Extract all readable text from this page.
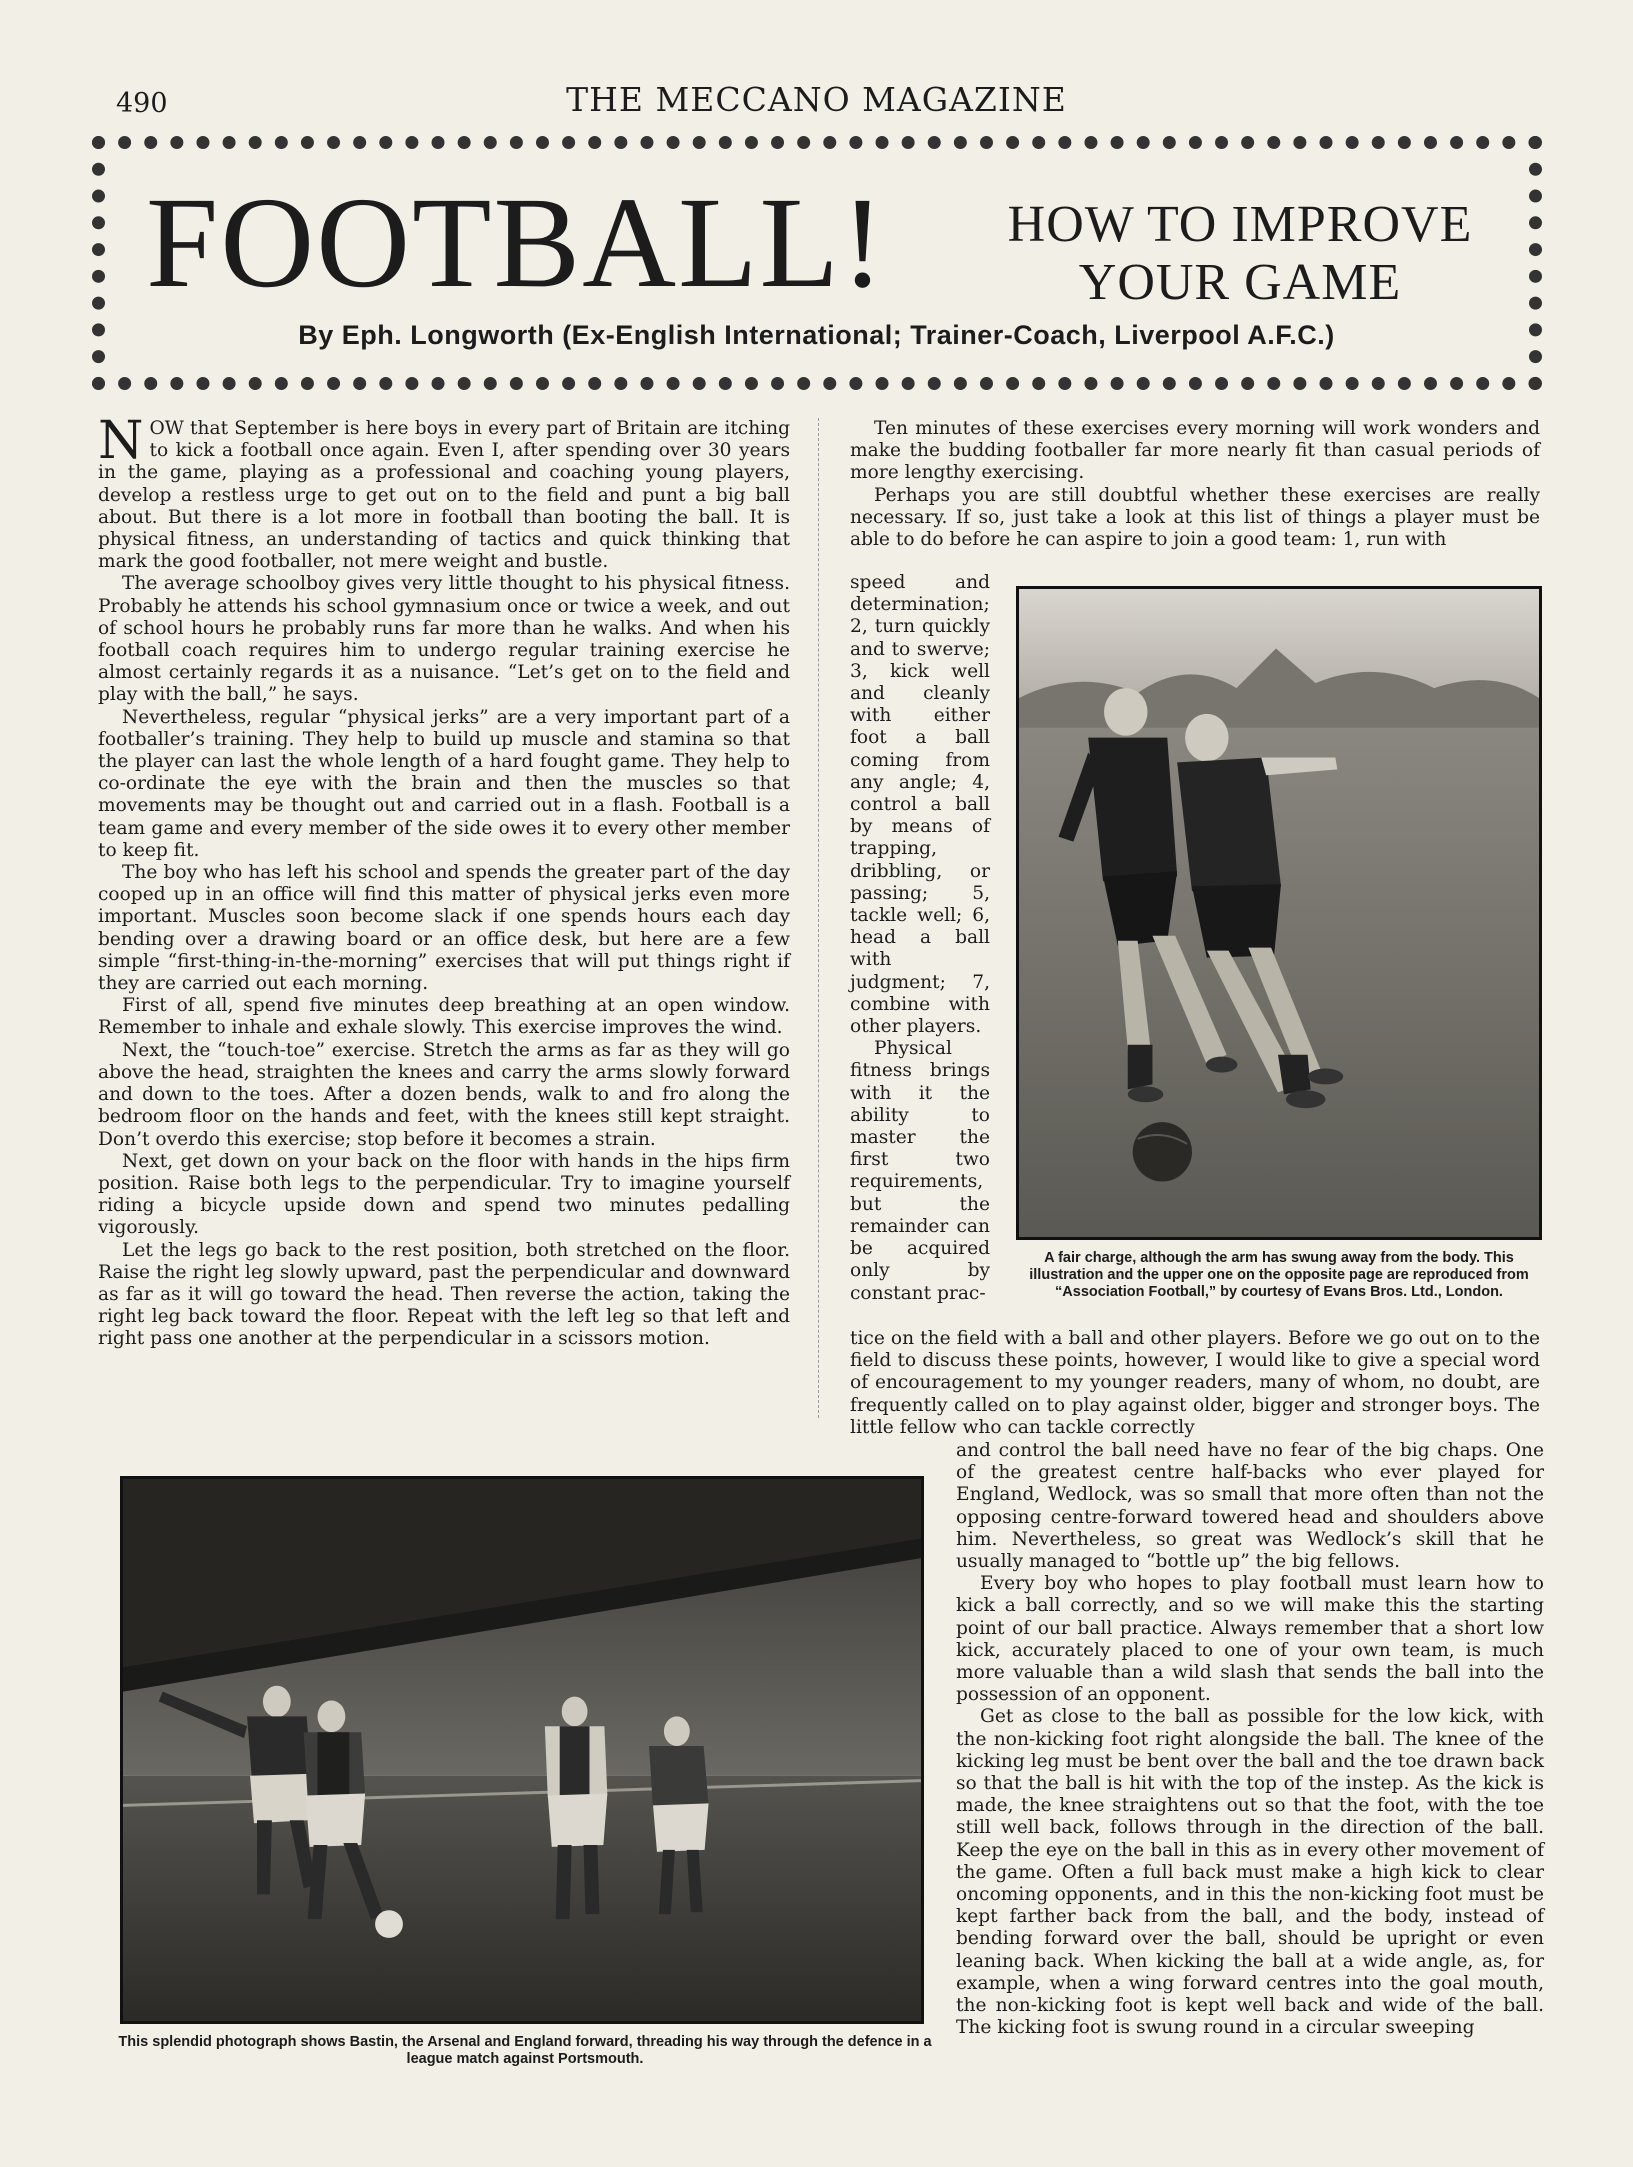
490	THE MECCANO MAGAZINE
FOOTBALL!	HOW TO IMPROVE
YOUR GAME
By Eph. Longworth (Ex-English International; Trainer-Coach, Liverpool A.F.C.)

NOW that September is here boys in every part of Britain are itching to kick a football once again. Even I, after spending over 30 years in the game, playing as a professional and coaching young players, develop a restless urge to get out on to the field and punt a big ball about. But there is a lot more in football than booting the ball. It is physical fitness, an understanding of tactics and quick thinking that mark the good footballer, not mere weight and bustle.

The average schoolboy gives very little thought to his physical fitness. Probably he attends his school gymnasium once or twice a week, and out of school hours he probably runs far more than he walks. And when his football coach requires him to undergo regular training exercise he almost certainly regards it as a nuisance. “Let’s get on to the field and play with the ball,” he says.

Nevertheless, regular “physical jerks” are a very important part of a footballer’s training. They help to build up muscle and stamina so that the player can last the whole length of a hard fought game. They help to co-ordinate the eye with the brain and then the muscles so that movements may be thought out and carried out in a flash. Football is a team game and every member of the side owes it to every other member to keep fit.

The boy who has left his school and spends the greater part of the day cooped up in an office will find this matter of physical jerks even more important. Muscles soon become slack if one spends hours each day bending over a drawing board or an office desk, but here are a few simple “first-thing-in-the-morning” exercises that will put things right if they are carried out each morning.

First of all, spend five minutes deep breathing at an open window. Remember to inhale and exhale slowly. This exercise improves the wind.

Next, the “touch-toe” exercise. Stretch the arms as far as they will go above the head, straighten the knees and carry the arms slowly forward and down to the toes. After a dozen bends, walk to and fro along the bedroom floor on the hands and feet, with the knees still kept straight. Don’t overdo this exercise; stop before it becomes a strain.

Next, get down on your back on the floor with hands in the hips firm position. Raise both legs to the perpendicular. Try to imagine yourself riding a bicycle upside down and spend two minutes pedalling vigorously.

Let the legs go back to the rest position, both stretched on the floor. Raise the right leg slowly upward, past the perpendicular and downward as far as it will go toward the head. Then reverse the action, taking the right leg back toward the floor. Repeat with the left leg so that left and right pass one another at the perpendicular in a scissors motion.

Ten minutes of these exercises every morning will work wonders and make the budding footballer far more nearly fit than casual periods of more lengthy exercising.

Perhaps you are still doubtful whether these exercises are really necessary. If so, just take a look at this list of things a player must be able to do before he can aspire to join a good team: 1, run with

speed and determination; 2, turn quickly and to swerve; 3, kick well and cleanly with either foot a ball coming from any angle; 4, control a ball by means of trapping, dribbling, or passing; 5, tackle well; 6, head a ball with judgment; 7, combine with other players.

Physical fitness brings with it the ability to master the first two requirements, but the remainder can be acquired only by constant prac-

A fair charge, although the arm has swung away from the body. This illustration and the upper one on the opposite page are reproduced from “Association Football,” by courtesy of Evans Bros. Ltd., London.

tice on the field with a ball and other players. Before we go out on to the field to discuss these points, however, I would like to give a special word of encouragement to my younger readers, many of whom, no doubt, are frequently called on to play against older, bigger and stronger boys. The little fellow who can tackle correctly

This splendid photograph shows Bastin, the Arsenal and England forward, threading his way through the defence in a league match against Portsmouth.

and control the ball need have no fear of the big chaps. One of the greatest centre half-backs who ever played for England, Wedlock, was so small that more often than not the opposing centre-forward towered head and shoulders above him. Nevertheless, so great was Wedlock’s skill that he usually managed to “bottle up” the big fellows.

Every boy who hopes to play football must learn how to kick a ball correctly, and so we will make this the starting point of our ball practice. Always remember that a short low kick, accurately placed to one of your own team, is much more valuable than a wild slash that sends the ball into the possession of an opponent.

Get as close to the ball as possible for the low kick, with the non-kicking foot right alongside the ball. The knee of the kicking leg must be bent over the ball and the toe drawn back so that the ball is hit with the top of the instep. As the kick is made, the knee straightens out so that the foot, with the toe still well back, follows through in the direction of the ball. Keep the eye on the ball in this as in every other movement of the game. Often a full back must make a high kick to clear oncoming opponents, and in this the non-kicking foot must be kept farther back from the ball, and the body, instead of bending forward over the ball, should be upright or even leaning back. When kicking the ball at a wide angle, as, for example, when a wing forward centres into the goal mouth, the non-kicking foot is kept well back and wide of the ball. The kicking foot is swung round in a circular sweeping
